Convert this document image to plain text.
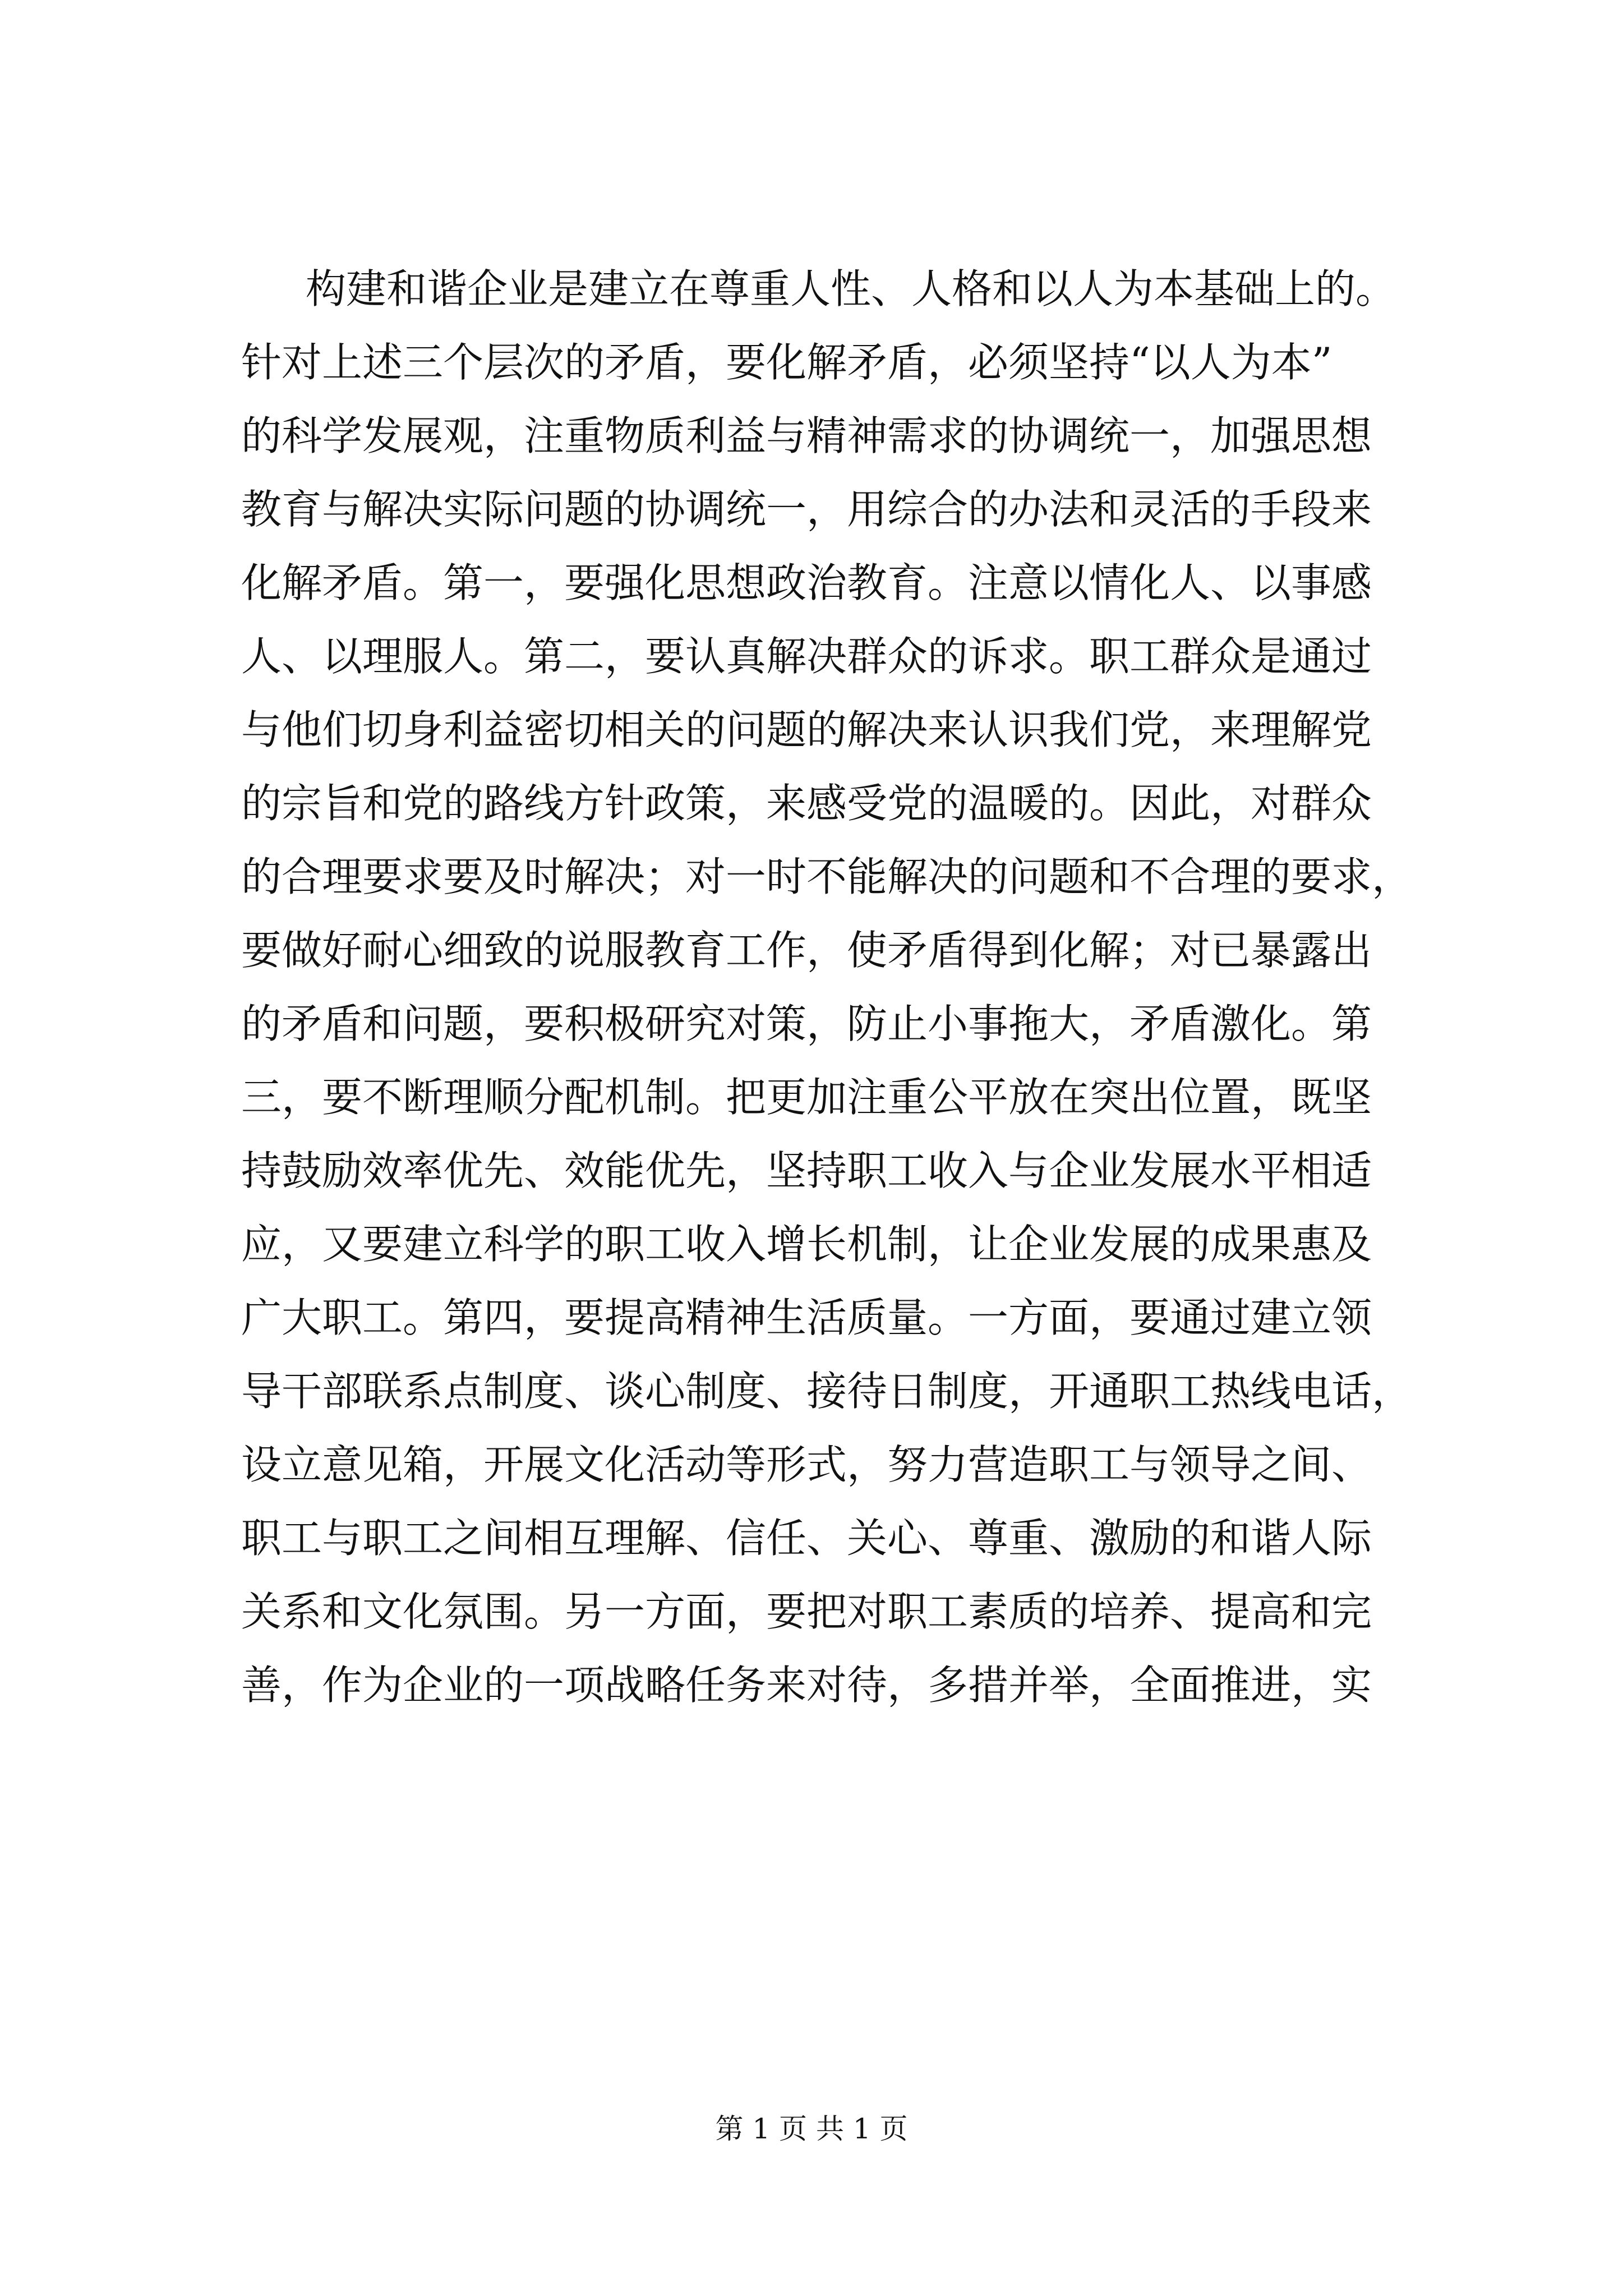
构建和谐企业是建立在尊重人性、人格和以人为本基础上的。
针对上述三个层次的矛盾，要化解矛盾，必须坚持“以人为本”
的科学发展观，注重物质利益与精神需求的协调统一，加强思想
教育与解决实际问题的协调统一，用综合的办法和灵活的手段来
化解矛盾。第一，要强化思想政治教育。注意以情化人、以事感
人、以理服人。第二，要认真解决群众的诉求。职工群众是通过
与他们切身利益密切相关的问题的解决来认识我们党，来理解党
的宗旨和党的路线方针政策，来感受党的温暖的。因此，对群众
的合理要求要及时解决；对一时不能解决的问题和不合理的要求，
要做好耐心细致的说服教育工作，使矛盾得到化解；对已暴露出
的矛盾和问题，要积极研究对策，防止小事拖大，矛盾激化。第
三，要不断理顺分配机制。把更加注重公平放在突出位置，既坚
持鼓励效率优先、效能优先，坚持职工收入与企业发展水平相适
应，又要建立科学的职工收入增长机制，让企业发展的成果惠及
广大职工。第四，要提高精神生活质量。一方面，要通过建立领
导干部联系点制度、谈心制度、接待日制度，开通职工热线电话，
设立意见箱，开展文化活动等形式，努力营造职工与领导之间、
职工与职工之间相互理解、信任、关心、尊重、激励的和谐人际
关系和文化氛围。另一方面，要把对职工素质的培养、提高和完
善，作为企业的一项战略任务来对待，多措并举，全面推进，实
第 1 页 共 1 页
